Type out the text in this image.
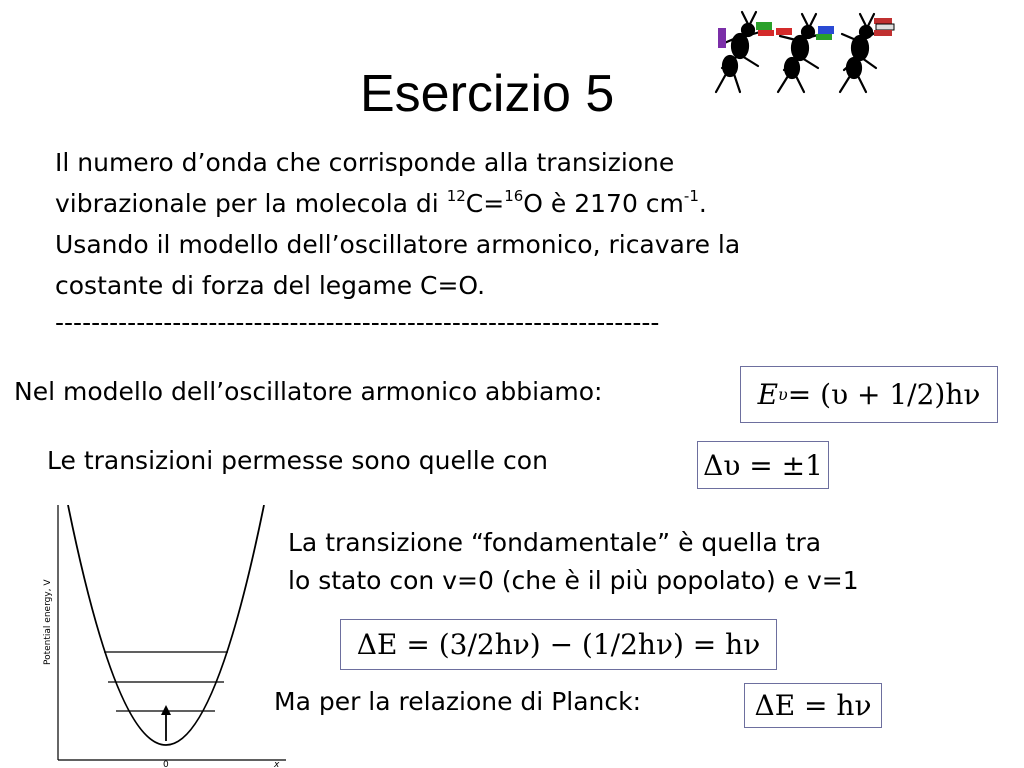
Esercizio 5
Il numero d’onda che corrisponde alla transizione
vibrazionale per la molecola di $^{12}$C=$^{16}$O è 2170 $cm^{-1}$.
Usando il modello dell’oscillatore armonico, ricavare la
costante di forza del legame C=O.
-------------------------------------------------------------------
Nel modello dell’oscillatore armonico abbiamo:	E υ = (υ + 1/2)hν
Le transizioni permesse sono quelle con	Δυ = ±1
La transizione “fondamentale” è quella tra
lo stato con v=0 (che è il più popolato) e v=1
ΔE = (3/2hν) − (1/2hν) = hν
Ma per la relazione di Planck:	ΔE = hν
Potential energy, V
0	x
